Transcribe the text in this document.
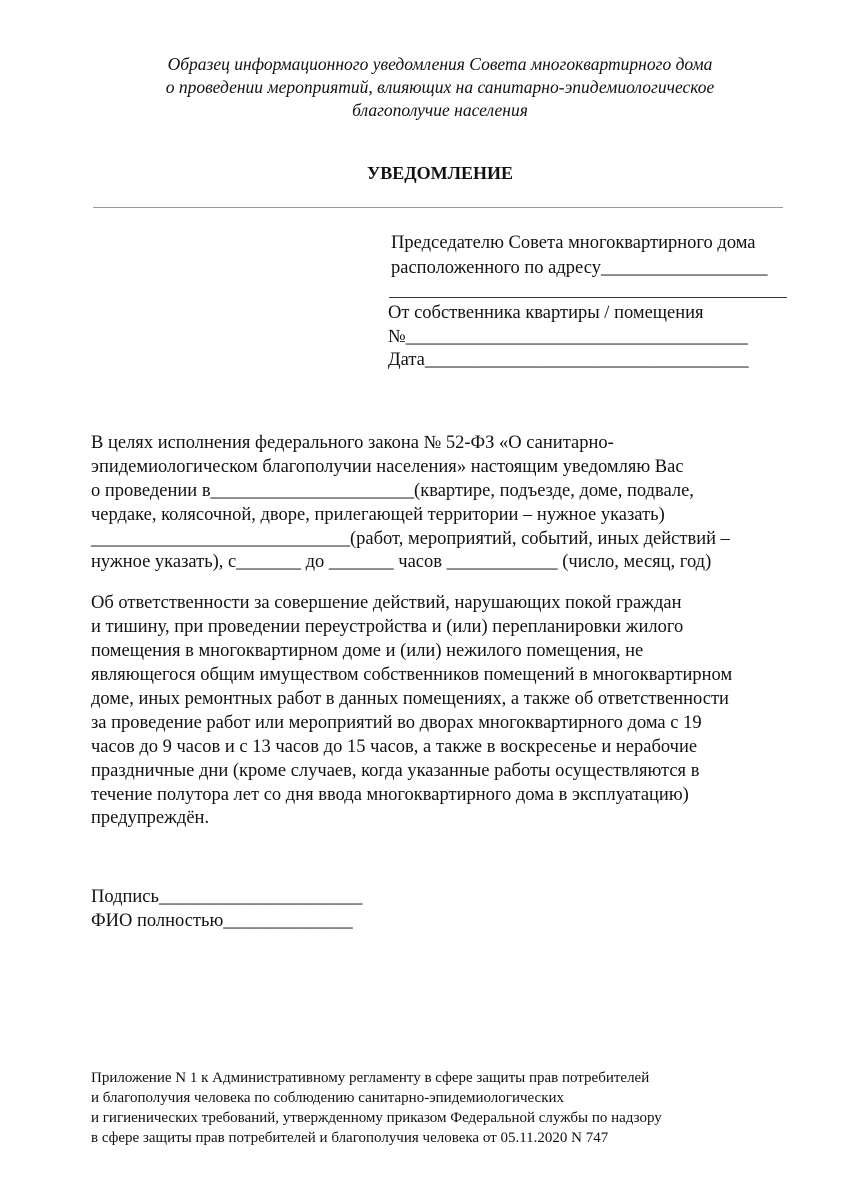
Образец информационного уведомления Совета многоквартирного дома
о проведении мероприятий, влияющих на санитарно-эпидемиологическое
благополучие населения
УВЕДОМЛЕНИЕ
Председателю Совета многоквартирного дома
расположенного по адресу__________________
От собственника квартиры / помещения
№_____________________________________
Дата___________________________________
В целях исполнения федерального закона № 52-ФЗ «О санитарно-
эпидемиологическом благополучии населения» настоящим уведомляю Вас
о проведении в______________________(квартире, подъезде, доме, подвале,
чердаке, колясочной, дворе, прилегающей территории – нужное указать)
____________________________(работ, мероприятий, событий, иных действий –
нужное указать), с_______ до _______ часов ____________ (число, месяц, год)
Об ответственности за совершение действий, нарушающих покой граждан
и тишину, при проведении переустройства и (или) перепланировки жилого
помещения в многоквартирном доме и (или) нежилого помещения, не
являющегося общим имуществом собственников помещений в многоквартирном
доме, иных ремонтных работ в данных помещениях, а также об ответственности
за проведение работ или мероприятий во дворах многоквартирного дома с 19
часов до 9 часов и с 13 часов до 15 часов, а также в воскресенье и нерабочие
праздничные дни (кроме случаев, когда указанные работы осуществляются в
течение полутора лет со дня ввода многоквартирного дома в эксплуатацию)
предупреждён.
Подпись______________________
ФИО полностью______________
Приложение N 1 к Административному регламенту в сфере защиты прав потребителей
и благополучия человека по соблюдению санитарно-эпидемиологических
и гигиенических требований, утвержденному приказом Федеральной службы по надзору
в сфере защиты прав потребителей и благополучия человека от 05.11.2020 N 747
